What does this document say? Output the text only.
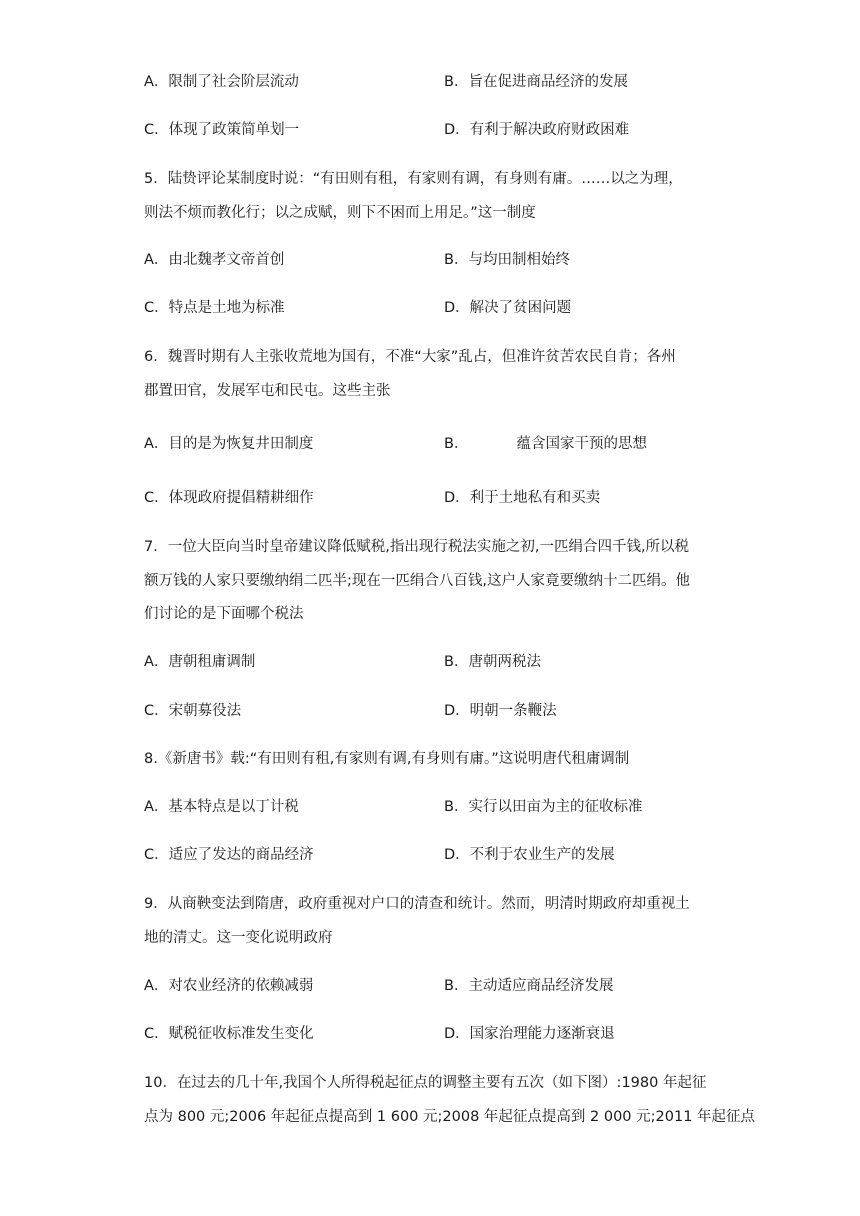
A．限制了社会阶层流动	B．旨在促进商品经济的发展
C．体现了政策简单划一	D．有利于解决政府财政困难
5．陆贽评论某制度时说：“有田则有租，有家则有调，有身则有庸。……以之为理，
则法不烦而教化行；以之成赋，则下不困而上用足。”这一制度
A．由北魏孝文帝首创	B．与均田制相始终
C．特点是土地为标准	D．解决了贫困问题
6．魏晋时期有人主张收荒地为国有，不准“大家”乱占，但准许贫苦农民自肯；各州
郡置田官，发展军屯和民屯。这些主张
A．目的是为恢复井田制度	B．	蕴含国家干预的思想
C．体现政府提倡精耕细作	D．利于土地私有和买卖
7．一位大臣向当时皇帝建议降低赋税,指出现行税法实施之初,一匹绢合四千钱,所以税
额万钱的人家只要缴纳绢二匹半;现在一匹绢合八百钱,这户人家竟要缴纳十二匹绢。他
们讨论的是下面哪个税法
A．唐朝租庸调制	B．唐朝两税法
C．宋朝募役法	D．明朝一条鞭法
8.《新唐书》载:“有田则有租,有家则有调,有身则有庸。”这说明唐代租庸调制
A．基本特点是以丁计税	B．实行以田亩为主的征收标准
C．适应了发达的商品经济	D．不利于农业生产的发展
9．从商鞅变法到隋唐，政府重视对户口的清查和统计。然而，明清时期政府却重视土
地的清丈。这一变化说明政府
A．对农业经济的依赖减弱	B．主动适应商品经济发展
C．赋税征收标准发生变化	D．国家治理能力逐渐衰退
10．在过去的几十年,我国个人所得税起征点的调整主要有五次（如下图）:1980 年起征
点为 800 元;2006 年起征点提高到 1 600 元;2008 年起征点提高到 2 000 元;2011 年起征点
